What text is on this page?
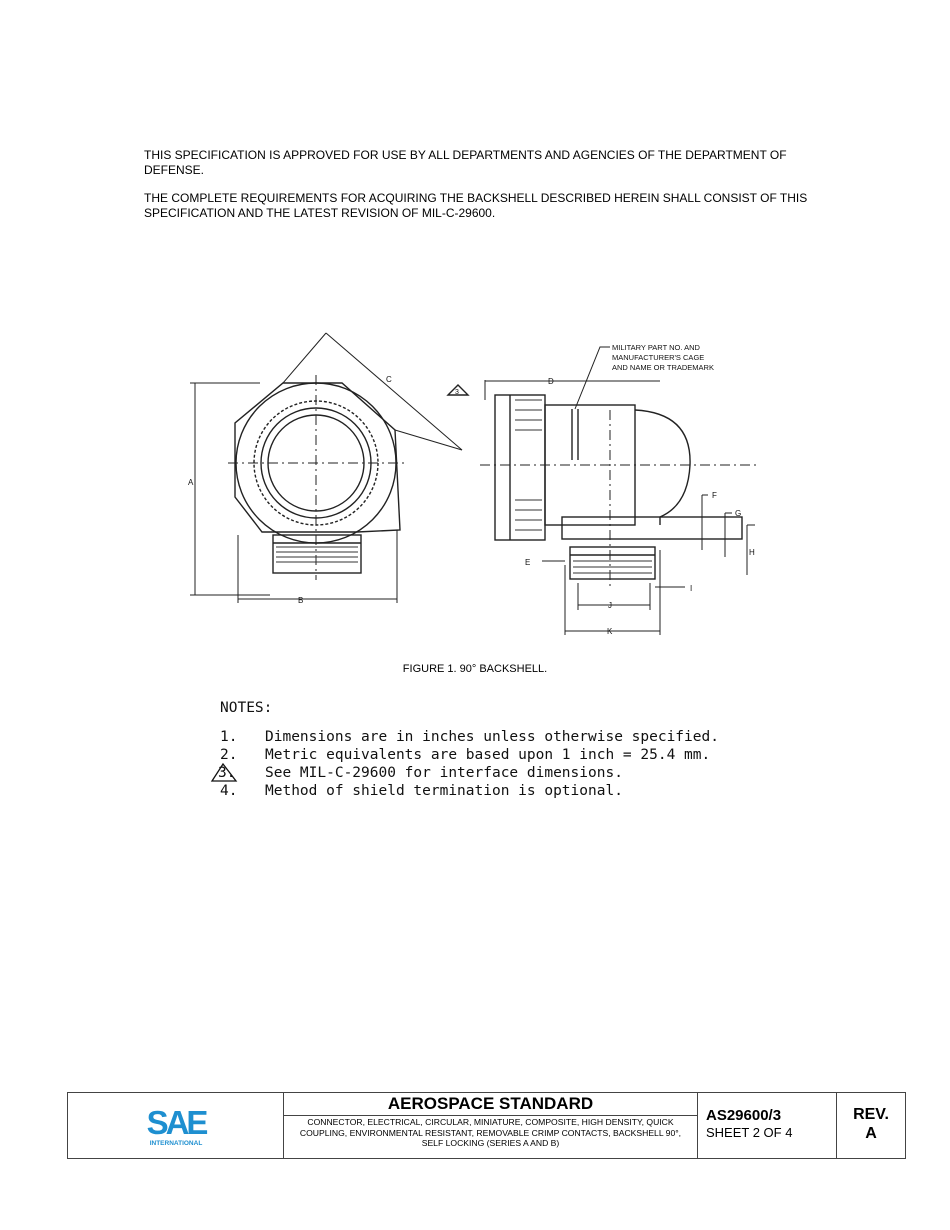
THIS SPECIFICATION IS APPROVED FOR USE BY ALL DEPARTMENTS AND AGENCIES OF THE DEPARTMENT OF DEFENSE.

THE COMPLETE REQUIREMENTS FOR ACQUIRING THE BACKSHELL DESCRIBED HEREIN SHALL CONSIST OF THIS SPECIFICATION AND THE LATEST REVISION OF MIL-C-29600.

A
B
C	D
E
F
G
H
I
J
K
3
MILITARY PART NO. AND
MANUFACTURER'S CAGE
AND NAME OR TRADEMARK
FIGURE 1. 90° BACKSHELL.
NOTES:
1.	Dimensions are in inches unless otherwise specified.
2.	Metric equivalents are based upon 1 inch = 25.4 mm.
3.	See MIL-C-29600 for interface dimensions.
4.	Method of shield termination is optional.
SAE
INTERNATIONAL
AEROSPACE STANDARD
CONNECTOR, ELECTRICAL, CIRCULAR, MINIATURE, COMPOSITE, HIGH DENSITY, QUICK COUPLING, ENVIRONMENTAL RESISTANT, REMOVABLE CRIMP CONTACTS, BACKSHELL 90°, SELF LOCKING (SERIES A AND B)
AS29600/3
SHEET 2 OF 4
REV.
A
